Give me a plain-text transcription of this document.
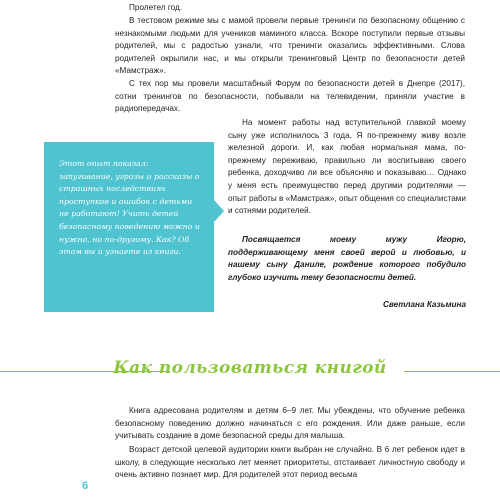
Пролетел год.

В тестовом режиме мы с мамой провели первые тренинги по безопасному общению с незнакомыми людьми для учеников маминого класса. Вскоре поступили первые отзывы родителей, мы с радостью узнали, что тренинги оказались эффективными. Слова родителей окрылили нас, и мы открыли тренинговый Центр по безопасности детей «Мамстраж».

С тех пор мы провели масштабный Форум по безопасности детей в Днепре (2017), сотни тренингов по безопасности, побывали на телевидении, приняли участие в радиопередачах.

Этот опыт показал: запугивание, угрозы и рассказы о страшных последствиях проступков и ошибок с детьми не работают! Учить детей безопасному поведению можно и нужно, но по-другому. Как? Об этом вы и узнаете из книги.

На момент работы над вступительной главкой моему сыну уже исполнилось 3 года. Я по-прежнему живу возле железной дороги. И, как любая нормальная мама, по-прежнему переживаю, правильно ли воспитываю своего ребенка, доходчиво ли все объясняю и показываю… Однако у меня есть преимущество перед другими родителями — опыт работы в «Мамстраж», опыт общения со специалистами и сотнями родителей.

Посвящается моему мужу Игорю, поддерживающему меня своей верой и любовью, и нашему сыну Даниле, рождение которого побудило глубоко изучить тему безопасности детей.

Светлана Казьмина
Как пользоваться книгой

Книга адресована родителям и детям 6–9 лет. Мы убеждены, что обучение ребенка безопасному поведению должно начинаться с его рождения. Или даже раньше, если учитывать создание в доме безопасной среды для малыша.

Возраст детской целевой аудитории книги выбран не случайно. В 6 лет ребенок идет в школу, в следующие несколько лет меняет приоритеты, отстаивает личностную свободу и очень активно познает мир. Для родителей этот период весьма

6
